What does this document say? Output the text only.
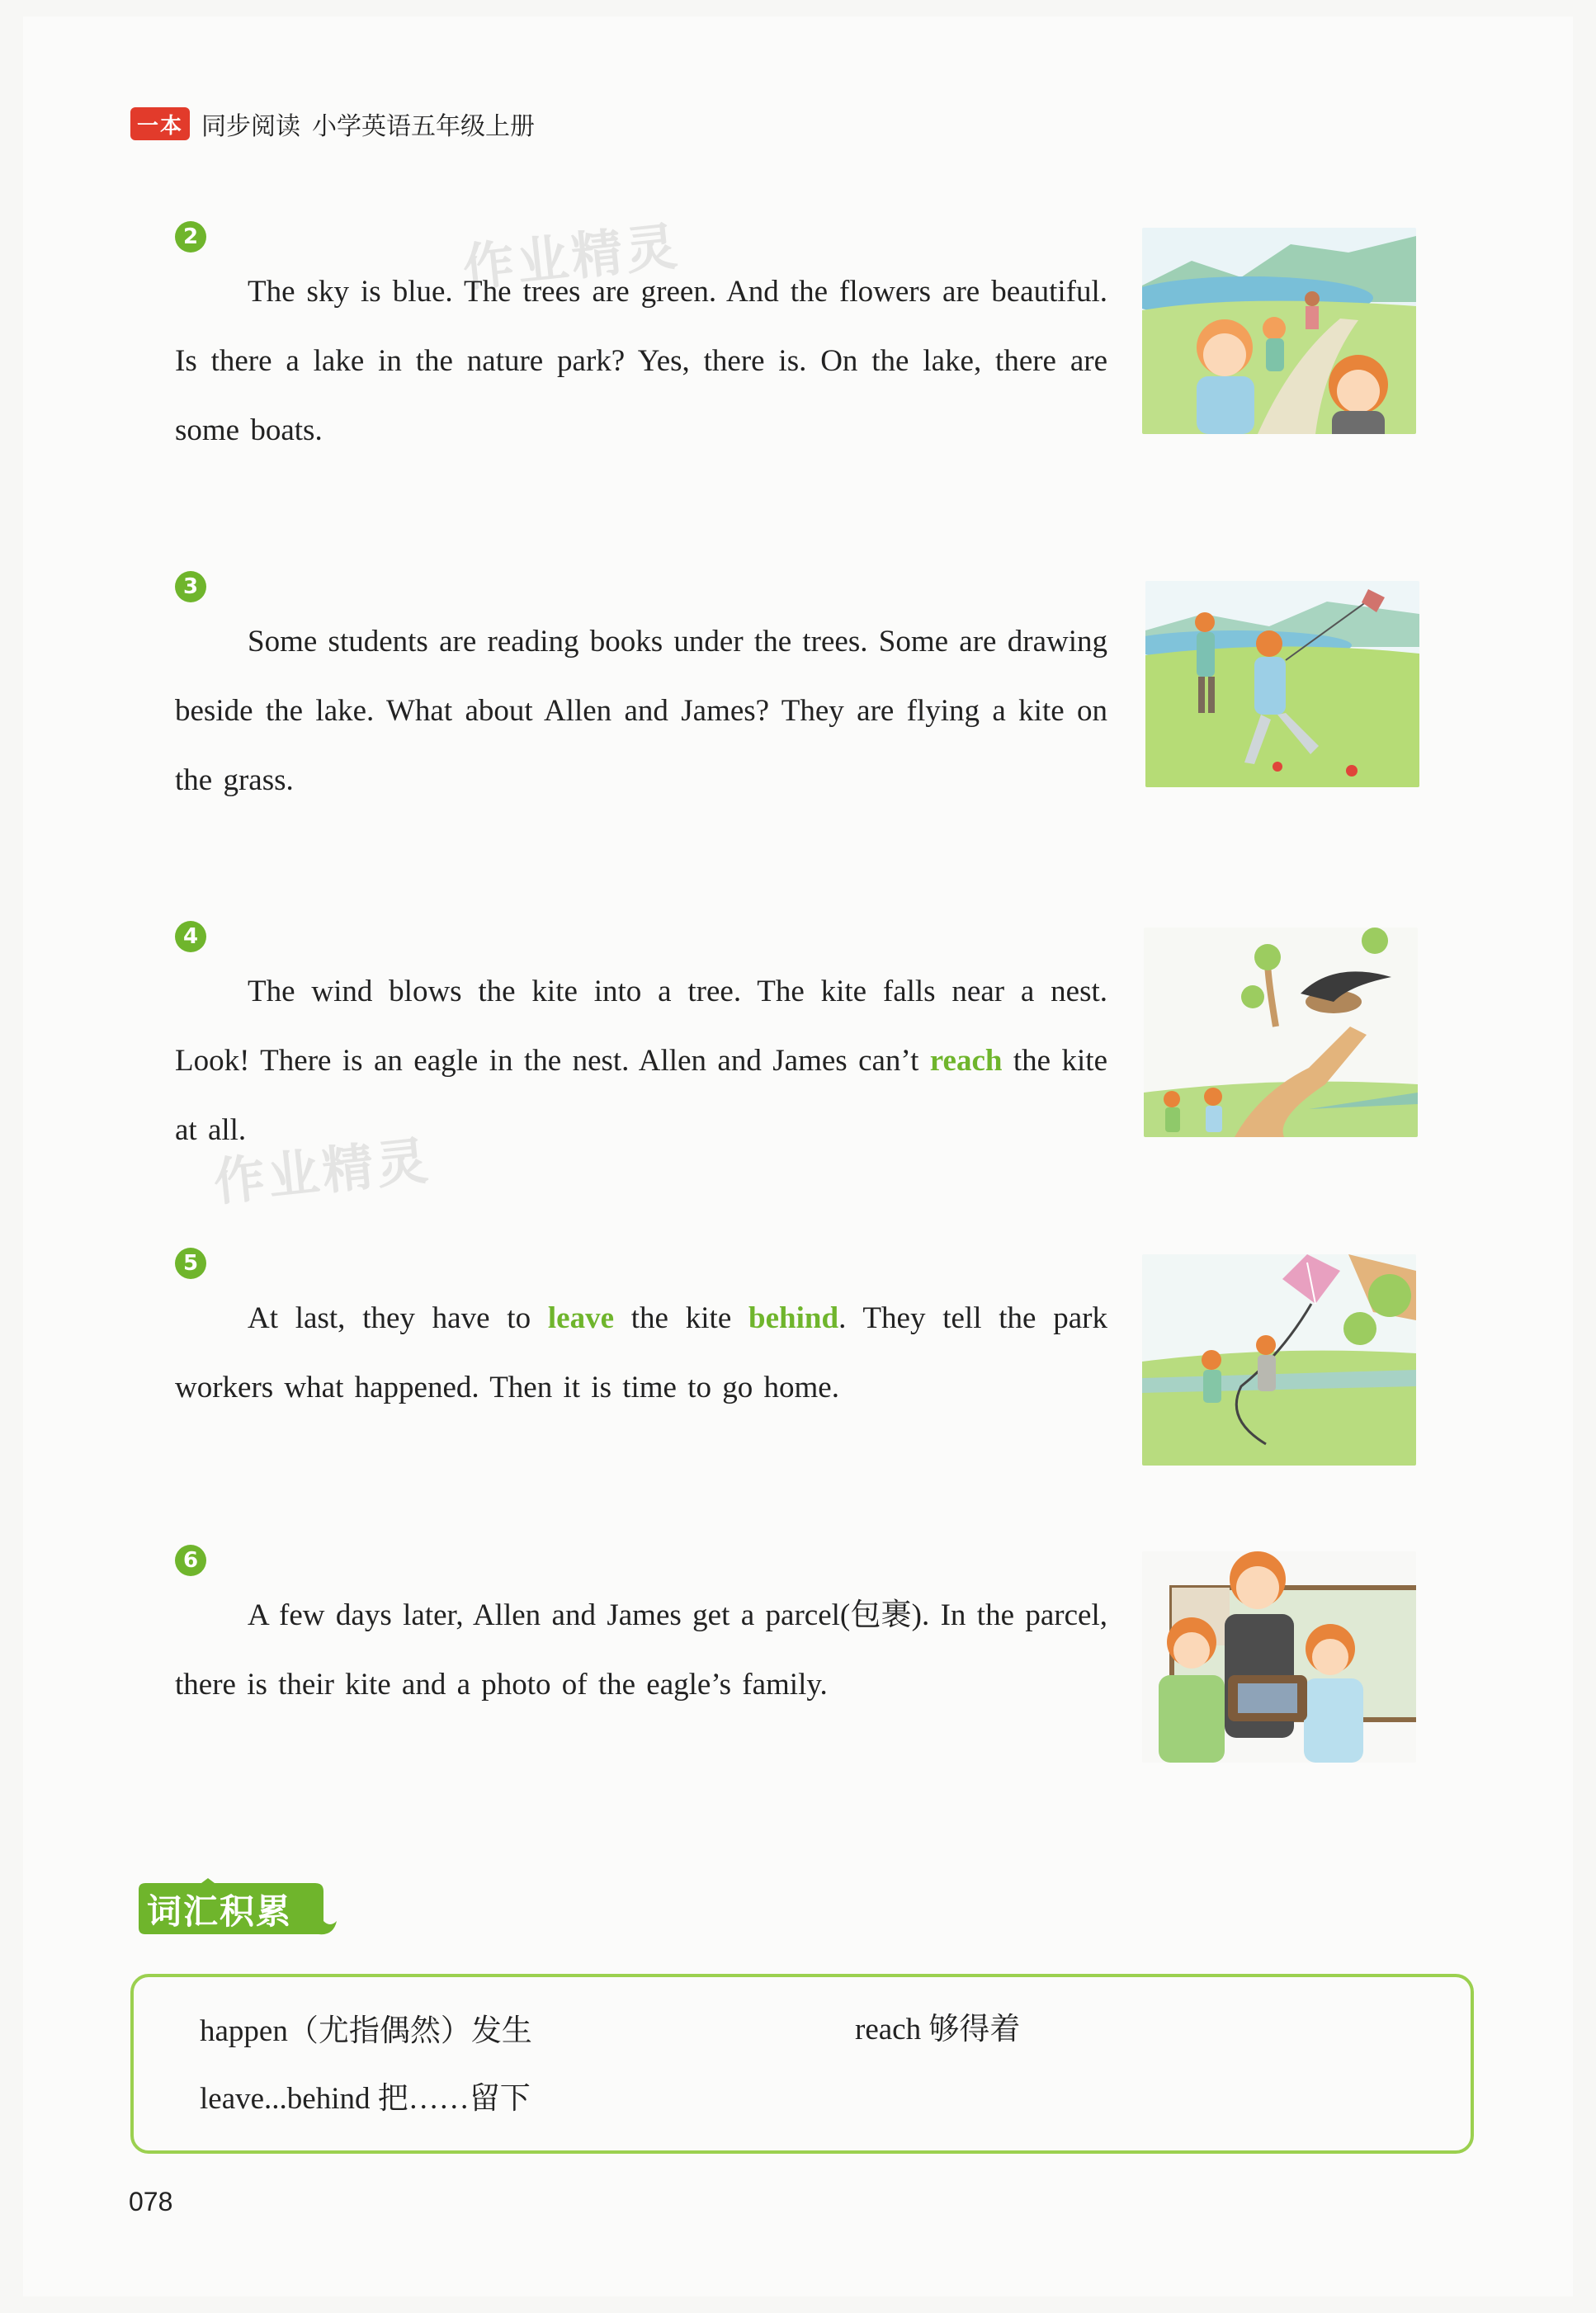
一本 同步阅读 小学英语五年级上册
作业精灵
2
The sky is blue. The trees are green. And the flowers are beautiful. Is there a lake in the nature park? Yes, there is. On the lake, there are some boats.
3
Some students are reading books under the trees. Some are drawing beside the lake. What about Allen and James? They are flying a kite on the grass.
4
The wind blows the kite into a tree. The kite falls near a nest. Look! There is an eagle in the nest. Allen and James can’t reach the kite at all.
作业精灵
5
At last, they have to leave the kite behind. They tell the park workers what happened. Then it is time to go home.
6
A few days later, Allen and James get a parcel(包裹). In the parcel, there is their kite and a photo of the eagle’s family.
词汇积累
happen（尤指偶然）发生	reach 够得着
leave...behind 把……留下
078
